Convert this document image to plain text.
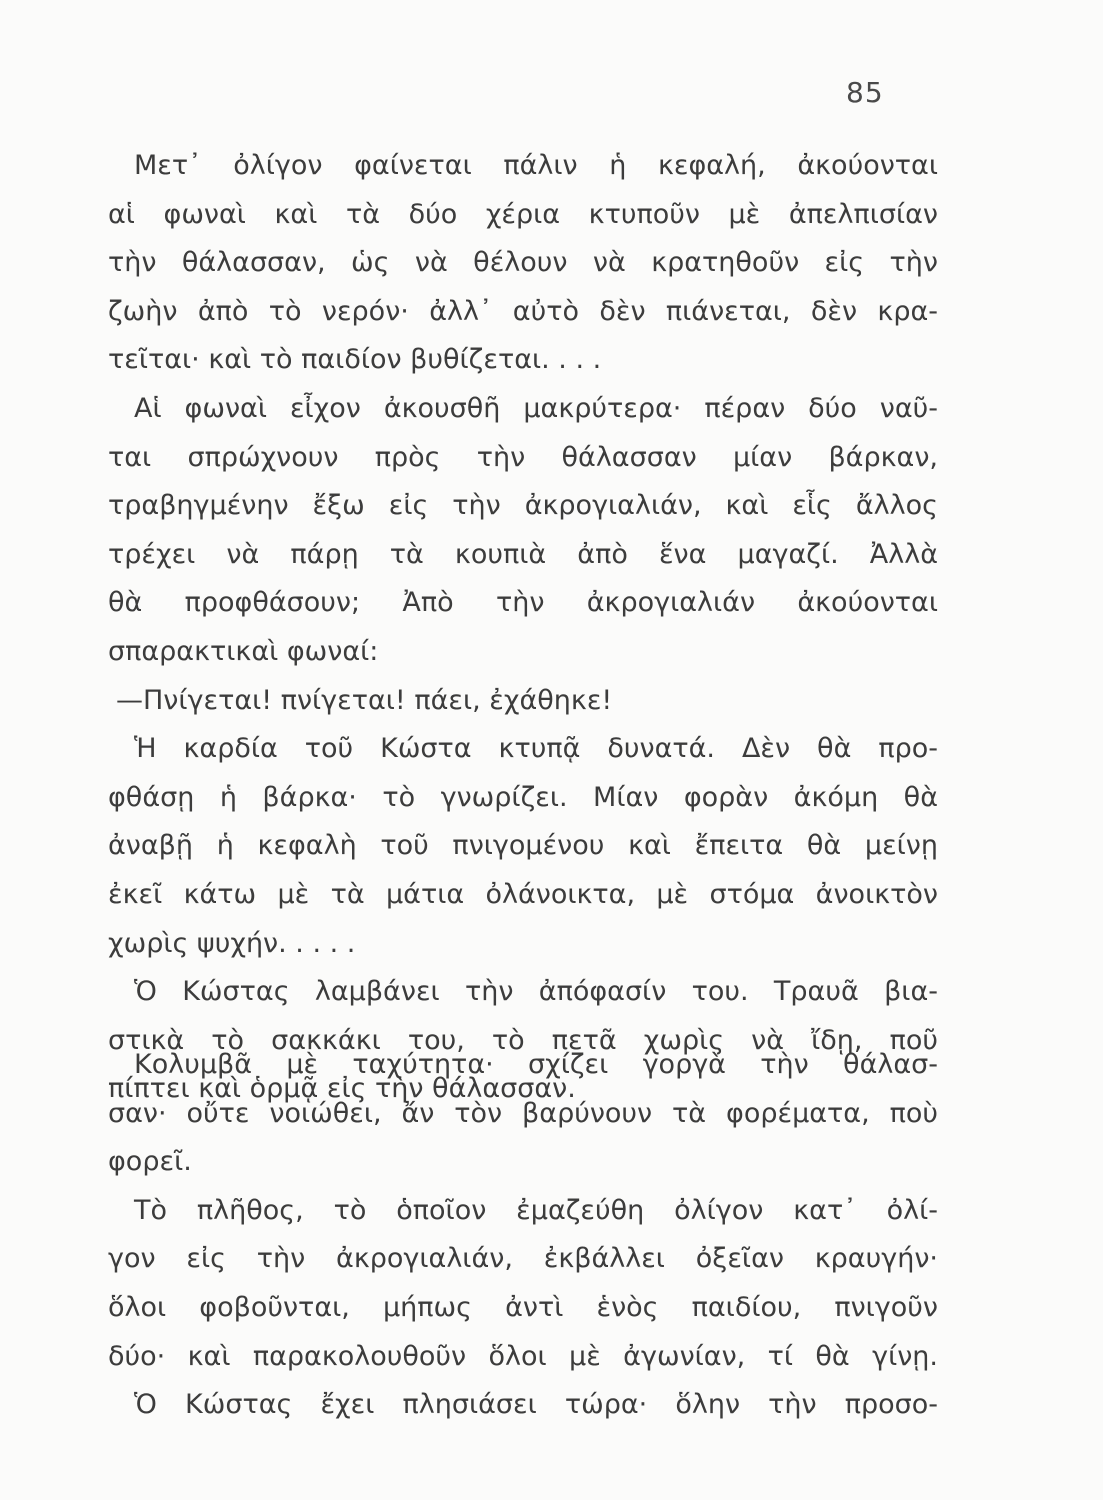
85
Μετ᾽ ὀλίγον φαίνεται πάλιν ἡ κεφαλή, ἀκούονται
αἱ φωναὶ καὶ τὰ δύο χέρια κτυποῦν μὲ ἀπελπισίαν
τὴν θάλασσαν, ὡς νὰ θέλουν νὰ κρατηθοῦν εἰς τὴν
ζωὴν ἀπὸ τὸ νερόν· ἀλλ᾽ αὐτὸ δὲν πιάνεται, δὲν κρα-
τεῖται· καὶ τὸ παιδίον βυθίζεται. . . .
Αἱ φωναὶ εἶχον ἀκουσθῆ μακρύτερα· πέραν δύο ναῦ-
ται σπρώχνουν πρὸς τὴν θάλασσαν μίαν βάρκαν,
τραβηγμένην ἔξω εἰς τὴν ἀκρογιαλιάν, καὶ εἷς ἄλλος
τρέχει νὰ πάρῃ τὰ κουπιὰ ἀπὸ ἕνα μαγαζί. Ἀλλὰ
θὰ προφθάσουν; Ἀπὸ τὴν ἀκρογιαλιάν ἀκούονται
σπαρακτικαὶ φωναί:
—Πνίγεται! πνίγεται! πάει, ἐχάθηκε!
Ἡ καρδία τοῦ Κώστα κτυπᾷ δυνατά. Δὲν θὰ προ-
φθάσῃ ἡ βάρκα· τὸ γνωρίζει. Μίαν φορὰν ἀκόμη θὰ
ἀναβῇ ἡ κεφαλὴ τοῦ πνιγομένου καὶ ἔπειτα θὰ μείνῃ
ἐκεῖ κάτω μὲ τὰ μάτια ὀλάνοικτα, μὲ στόμα ἀνοικτὸν
χωρὶς ψυχήν. . . . .
Ὁ Κώστας λαμβάνει τὴν ἀπόφασίν του. Τραυᾶ βια-
στικὰ τὸ σακκάκι του, τὸ πετᾶ χωρὶς νὰ ἴδῃ, ποῦ
πίπτει καὶ ὁρμᾷ εἰς τὴν θάλασσαν.
Κολυμβᾶ μὲ ταχύτητα· σχίζει γοργὰ τὴν θάλασ-
σαν· οὔτε νοιώθει, ἄν τὸν βαρύνουν τὰ φορέματα, ποὺ
φορεῖ.
Τὸ πλῆθος, τὸ ὁποῖον ἐμαζεύθη ὀλίγον κατ᾽ ὀλί-
γον εἰς τὴν ἀκρογιαλιάν, ἐκβάλλει ὀξεῖαν κραυγήν·
ὅλοι φοβοῦνται, μήπως ἀντὶ ἑνὸς παιδίου, πνιγοῦν
δύο· καὶ παρακολουθοῦν ὅλοι μὲ ἀγωνίαν, τί θὰ γίνῃ.
Ὁ Κώστας ἔχει πλησιάσει τώρα· ὅλην τὴν προσο-
